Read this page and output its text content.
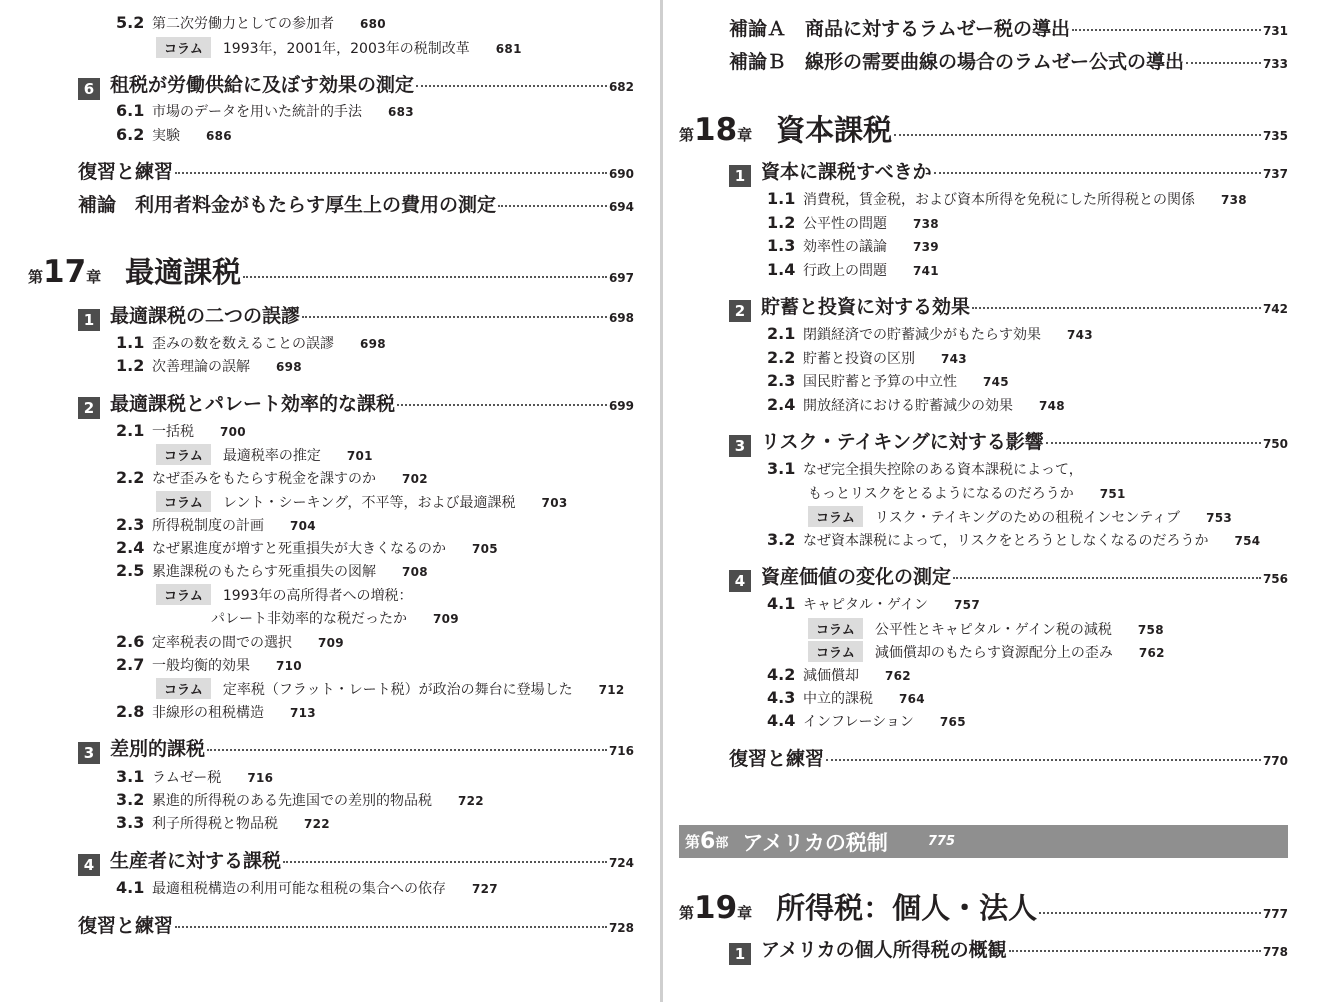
5.2 第二次労働力としての参加者 680
コラム	1993年，2001年，2003年の税制改革 681
6 租税が労働供給に及ぼす効果の測定	682
6.1 市場のデータを用いた統計的手法 683
6.2 実験 686
復習と練習	690
補論　利用者料金がもたらす厚生上の費用の測定	694
第 17 章 最適課税	697
1 最適課税の二つの誤謬	698
1.1 歪みの数を数えることの誤謬 698
1.2 次善理論の誤解 698
2 最適課税とパレート効率的な課税	699
2.1 一括税 700
コラム	最適税率の推定 701
2.2 なぜ歪みをもたらす税金を課すのか 702
コラム	レント・シーキング，不平等，および最適課税 703
2.3 所得税制度の計画 704
2.4 なぜ累進度が増すと死重損失が大きくなるのか 705
2.5 累進課税のもたらす死重損失の図解 708
コラム	1993年の高所得者への増税：
パレート非効率的な税だったか 709
2.6 定率税表の間での選択 709
2.7 一般均衡的効果 710
コラム	定率税（フラット・レート税）が政治の舞台に登場した 712
2.8 非線形の租税構造 713
3 差別的課税	716
3.1 ラムゼー税 716
3.2 累進的所得税のある先進国での差別的物品税 722
3.3 利子所得税と物品税 722
4 生産者に対する課税	724
4.1 最適租税構造の利用可能な租税の集合への依存 727
復習と練習	728
補論Ａ　商品に対するラムゼー税の導出	731
補論Ｂ　線形の需要曲線の場合のラムゼー公式の導出	733
第 18 章 資本課税	735
1 資本に課税すべきか	737
1.1 消費税，賃金税，および資本所得を免税にした所得税との関係 738
1.2 公平性の問題 738
1.3 効率性の議論 739
1.4 行政上の問題 741
2 貯蓄と投資に対する効果	742
2.1 閉鎖経済での貯蓄減少がもたらす効果 743
2.2 貯蓄と投資の区別 743
2.3 国民貯蓄と予算の中立性 745
2.4 開放経済における貯蓄減少の効果 748
3 リスク・テイキングに対する影響	750
3.1 なぜ完全損失控除のある資本課税によって，
もっとリスクをとるようになるのだろうか 751
コラム	リスク・テイキングのための租税インセンティブ 753
3.2 なぜ資本課税によって，リスクをとろうとしなくなるのだろうか 754
4 資産価値の変化の測定	756
4.1 キャピタル・ゲイン 757
コラム	公平性とキャピタル・ゲイン税の減税 758
コラム	減価償却のもたらす資源配分上の歪み 762
4.2 減価償却 762
4.3 中立的課税 764
4.4 インフレーション 765
復習と練習	770
第 6 部 アメリカの税制	775
第 19 章 所得税：個人・法人	777
1 アメリカの個人所得税の概観	778
